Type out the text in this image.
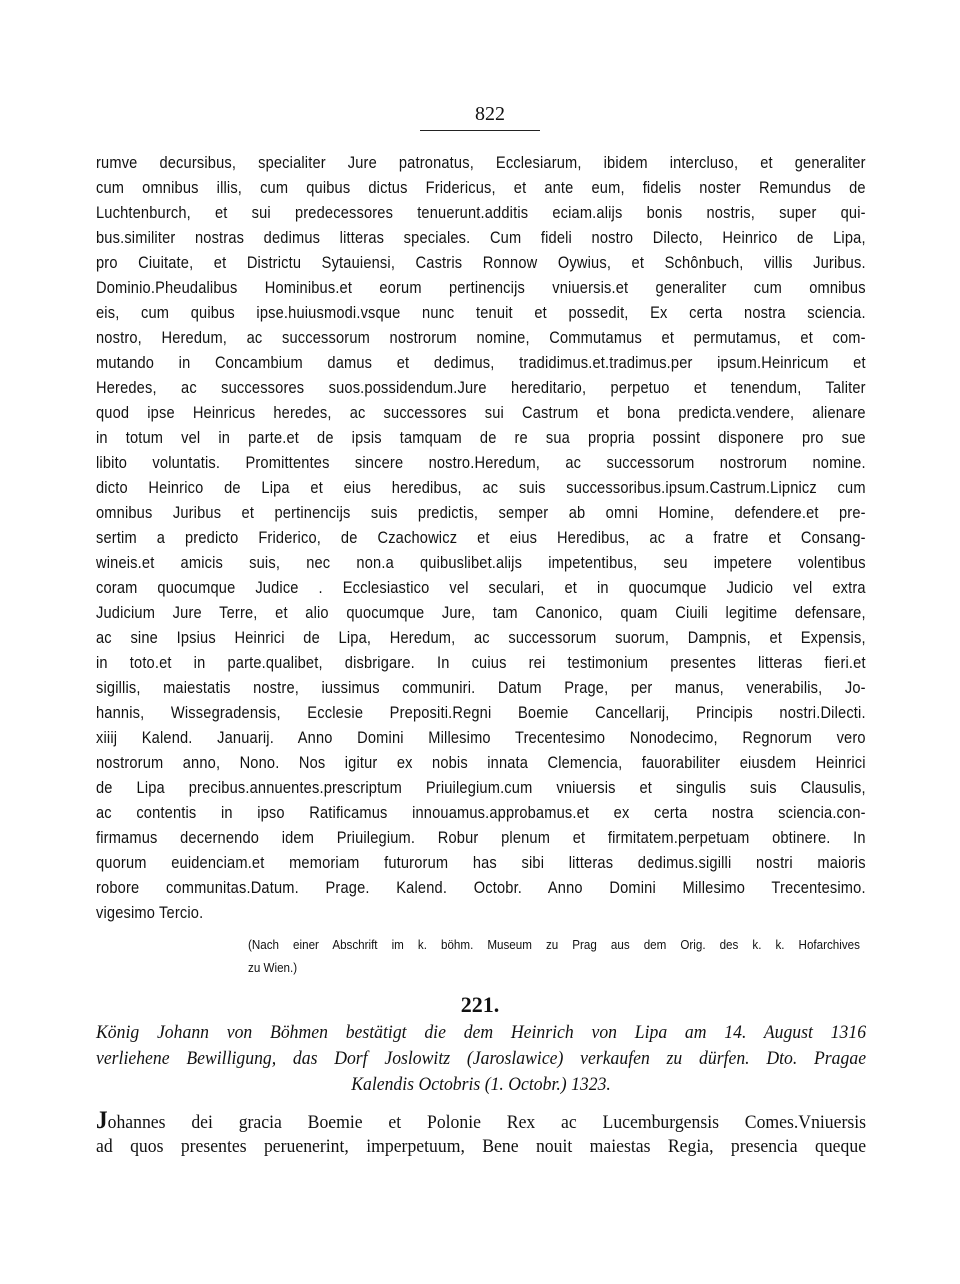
822
rumve decursibus, specialiter Jure patronatus, Ecclesiarum, ibidem intercluso, et generaliter
cum omnibus illis, cum quibus dictus Fridericus, et ante eum, fidelis noster Remundus de
Luchtenburch, et sui predecessores tenuerunt.additis eciam.alijs bonis nostris, super qui-
bus.similiter nostras dedimus litteras speciales. Cum fideli nostro Dilecto, Heinrico de Lipa,
pro Ciuitate, et Districtu Sytauiensi, Castris Ronnow Oywius, et Schônbuch, villis Juribus.
Dominio.Pheudalibus Hominibus.et eorum pertinencijs vniuersis.et generaliter cum omnibus
eis, cum quibus ipse.huiusmodi.vsque nunc tenuit et possedit, Ex certa nostra sciencia.
nostro, Heredum, ac successorum nostrorum nomine, Commutamus et permutamus, et com-
mutando in Concambium damus et dedimus, tradidimus.et.tradimus.per ipsum.Heinricum et
Heredes, ac successores suos.possidendum.Jure hereditario, perpetuo et tenendum, Taliter
quod ipse Heinricus heredes, ac successores sui Castrum et bona predicta.vendere, alienare
in totum vel in parte.et de ipsis tamquam de re sua propria possint disponere pro sue
libito voluntatis. Promittentes sincere nostro.Heredum, ac successorum nostrorum nomine.
dicto Heinrico de Lipa et eius heredibus, ac suis successoribus.ipsum.Castrum.Lipnicz cum
omnibus Juribus et pertinencijs suis predictis, semper ab omni Homine, defendere.et pre-
sertim a predicto Friderico, de Czachowicz et eius Heredibus, ac a fratre et Consang-
wineis.et amicis suis, nec non.a quibuslibet.alijs impetentibus, seu impetere volentibus
coram quocumque Judice . Ecclesiastico vel seculari, et in quocumque Judicio vel extra
Judicium Jure Terre, et alio quocumque Jure, tam Canonico, quam Ciuili legitime defensare,
ac sine Ipsius Heinrici de Lipa, Heredum, ac successorum suorum, Dampnis, et Expensis,
in toto.et in parte.qualibet, disbrigare. In cuius rei testimonium presentes litteras fieri.et
sigillis, maiestatis nostre, iussimus communiri. Datum Prage, per manus, venerabilis, Jo-
hannis, Wissegradensis, Ecclesie Prepositi.Regni Boemie Cancellarij, Principis nostri.Dilecti.
xiiij Kalend. Januarij. Anno Domini Millesimo Trecentesimo Nonodecimo, Regnorum vero
nostrorum anno, Nono. Nos igitur ex nobis innata Clemencia, fauorabiliter eiusdem Heinrici
de Lipa precibus.annuentes.prescriptum Priuilegium.cum vniuersis et singulis suis Clausulis,
ac contentis in ipso Ratificamus innouamus.approbamus.et ex certa nostra sciencia.con-
firmamus decernendo idem Priuilegium. Robur plenum et firmitatem.perpetuam obtinere. In
quorum euidenciam.et memoriam futurorum has sibi litteras dedimus.sigilli nostri maioris
robore communitas.Datum. Prage. Kalend. Octobr. Anno Domini Millesimo Trecentesimo.
vigesimo Tercio.
(Nach einer Abschrift im k. böhm. Museum zu Prag aus dem Orig. des k. k. Hofarchives
zu Wien.)
221.
König Johann von Böhmen bestätigt die dem Heinrich von Lipa am 14. August 1316
verliehene Bewilligung, das Dorf Joslowitz (Jaroslawice) verkaufen zu dürfen. Dto. Pragae
Kalendis Octobris (1. Octobr.) 1323.
Johannes dei gracia Boemie et Polonie Rex ac Lucemburgensis Comes.Vniuersis
ad quos presentes peruenerint, imperpetuum, Bene nouit maiestas Regia, presencia queque
